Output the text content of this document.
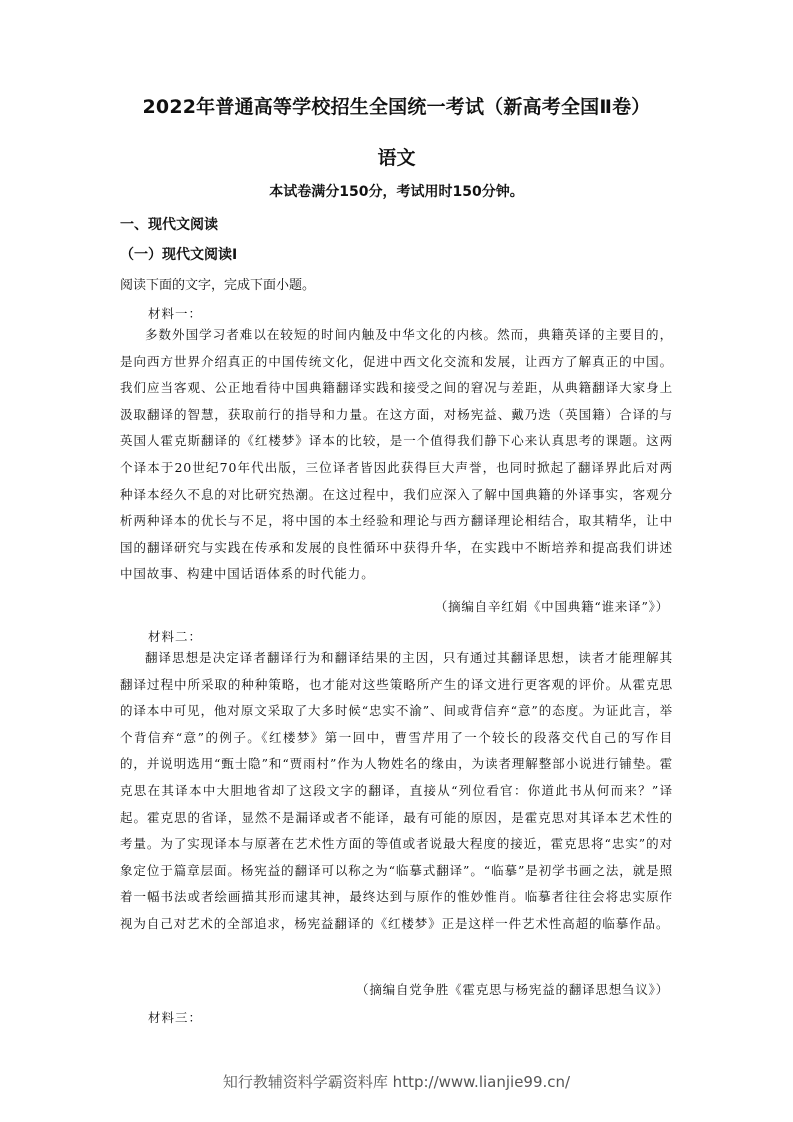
2022年普通高等学校招生全国统一考试（新高考全国Ⅱ卷）
语文
本试卷满分150分，考试用时150分钟。
一、现代文阅读
（一）现代文阅读Ⅰ
阅读下面的文字，完成下面小题。
材料一：
多数外国学习者难以在较短的时间内触及中华文化的内核。然而，典籍英译的主要目的，是向西方世界介绍真正的中国传统文化，促进中西文化交流和发展，让西方了解真正的中国。我们应当客观、公正地看待中国典籍翻译实践和接受之间的窘况与差距，从典籍翻译大家身上汲取翻译的智慧，获取前行的指导和力量。在这方面，对杨宪益、戴乃迭（英国籍）合译的与英国人霍克斯翻译的《红楼梦》译本的比较，是一个值得我们静下心来认真思考的课题。这两个译本于20世纪70年代出版，三位译者皆因此获得巨大声誉，也同时掀起了翻译界此后对两种译本经久不息的对比研究热潮。在这过程中，我们应深入了解中国典籍的外译事实，客观分析两种译本的优长与不足，将中国的本土经验和理论与西方翻译理论相结合，取其精华，让中国的翻译研究与实践在传承和发展的良性循环中获得升华，在实践中不断培养和提高我们讲述中国故事、构建中国话语体系的时代能力。
（摘编自辛红娟《中国典籍“谁来译”》）
材料二：
翻译思想是决定译者翻译行为和翻译结果的主因，只有通过其翻译思想，读者才能理解其翻译过程中所采取的种种策略，也才能对这些策略所产生的译文进行更客观的评价。从霍克思的译本中可见，他对原文采取了大多时候“忠实不渝”、间或背信弃“意”的态度。为证此言，举个背信弃“意”的例子。《红楼梦》第一回中，曹雪芹用了一个较长的段落交代自己的写作目的，并说明选用“甄士隐”和“贾雨村”作为人物姓名的缘由，为读者理解整部小说进行铺垫。霍克思在其译本中大胆地省却了这段文字的翻译，直接从“列位看官：你道此书从何而来？”译起。霍克思的省译，显然不是漏译或者不能译，最有可能的原因，是霍克思对其译本艺术性的考量。为了实现译本与原著在艺术性方面的等值或者说最大程度的接近，霍克思将“忠实”的对象定位于篇章层面。杨宪益的翻译可以称之为“临摹式翻译”。“临摹”是初学书画之法，就是照着一幅书法或者绘画描其形而逮其神，最终达到与原作的惟妙惟肖。临摹者往往会将忠实原作视为自己对艺术的全部追求，杨宪益翻译的《红楼梦》正是这样一件艺术性高超的临摹作品。
（摘编自党争胜《霍克思与杨宪益的翻译思想刍议》）
材料三：
知行教辅资料学霸资料库 http://www.lianjie99.cn/
